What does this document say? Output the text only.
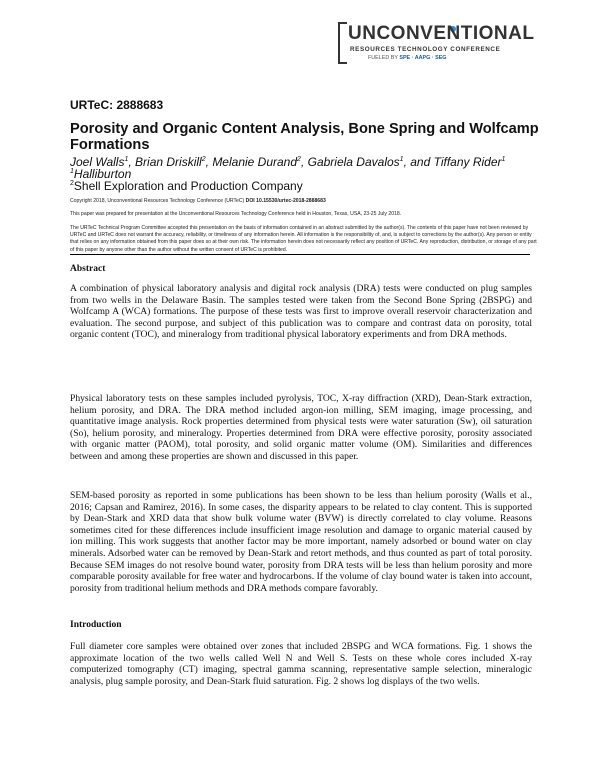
UNCONVENTIONAL
RESOURCES TECHNOLOGY CONFERENCE
FUELED BY SPE · AAPG · SEG
URTeC: 2888683
Porosity and Organic Content Analysis, Bone Spring and Wolfcamp Formations
Joel Walls$^1$, Brian Driskill$^2$, Melanie Durand$^2$, Gabriela Davalos$^1$, and Tiffany Rider$^1$
$^1$Halliburton
$^2$Shell Exploration and Production Company
Copyright 2018, Unconventional Resources Technology Conference (URTeC) DOI 10.15530/urtec-2018-2888683
This paper was prepared for presentation at the Unconventional Resources Technology Conference held in Houston, Texas, USA, 23-25 July 2018.
The URTeC Technical Program Committee accepted this presentation on the basis of information contained in an abstract submitted by the author(s). The contents of this paper have not been reviewed by URTeC and URTeC does not warrant the accuracy, reliability, or timeliness of any information herein. All information is the responsibility of, and, is subject to corrections by the author(s). Any person or entity that relies on any information obtained from this paper does so at their own risk. The information herein does not necessarily reflect any position of URTeC. Any reproduction, distribution, or storage of any part of this paper by anyone other than the author without the written consent of URTeC is prohibited.
Abstract

A combination of physical laboratory analysis and digital rock analysis (DRA) tests were conducted on plug samples from two wells in the Delaware Basin. The samples tested were taken from the Second Bone Spring (2BSPG) and Wolfcamp A (WCA) formations. The purpose of these tests was first to improve overall reservoir characterization and evaluation. The second purpose, and subject of this publication was to compare and contrast data on porosity, total organic content (TOC), and mineralogy from traditional physical laboratory experiments and from DRA methods.

Physical laboratory tests on these samples included pyrolysis, TOC, X-ray diffraction (XRD), Dean-Stark extraction, helium porosity, and DRA. The DRA method included argon-ion milling, SEM imaging, image processing, and quantitative image analysis. Rock properties determined from physical tests were water saturation (Sw), oil saturation (So), helium porosity, and mineralogy. Properties determined from DRA were effective porosity, porosity associated with organic matter (PAOM), total porosity, and solid organic matter volume (OM). Similarities and differences between and among these properties are shown and discussed in this paper.

SEM-based porosity as reported in some publications has been shown to be less than helium porosity (Walls et al., 2016; Capsan and Ramirez, 2016). In some cases, the disparity appears to be related to clay content. This is supported by Dean-Stark and XRD data that show bulk volume water (BVW) is directly correlated to clay volume. Reasons sometimes cited for these differences include insufficient image resolution and damage to organic material caused by ion milling. This work suggests that another factor may be more important, namely adsorbed or bound water on clay minerals. Adsorbed water can be removed by Dean-Stark and retort methods, and thus counted as part of total porosity. Because SEM images do not resolve bound water, porosity from DRA tests will be less than helium porosity and more comparable porosity available for free water and hydrocarbons. If the volume of clay bound water is taken into account, porosity from traditional helium methods and DRA methods compare favorably.

Introduction

Full diameter core samples were obtained over zones that included 2BSPG and WCA formations. Fig. 1 shows the approximate location of the two wells called Well N and Well S. Tests on these whole cores included X-ray computerized tomography (CT) imaging, spectral gamma scanning, representative sample selection, mineralogic analysis, plug sample porosity, and Dean-Stark fluid saturation. Fig. 2 shows log displays of the two wells.
